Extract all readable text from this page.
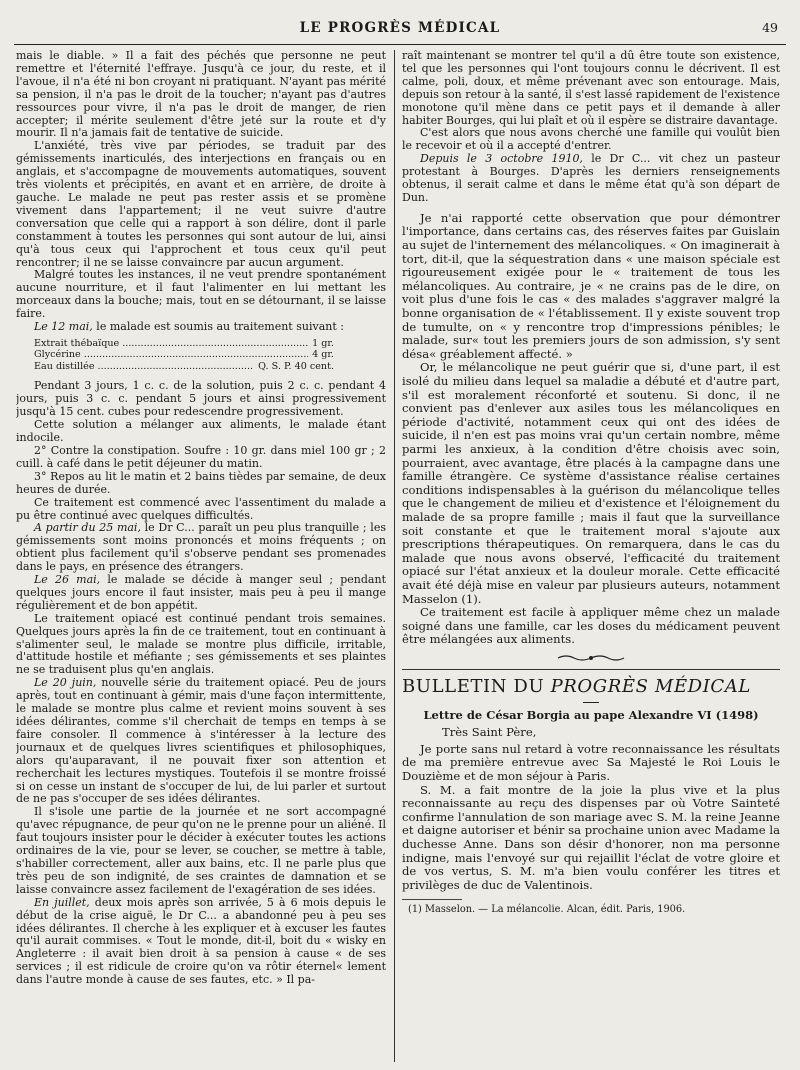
LE PROGRÈS MÉDICAL	49

mais le diable. » Il a fait des péchés que personne ne peut remettre et l'éternité l'effraye. Jusqu'à ce jour, du reste, et il l'avoue, il n'a été ni bon croyant ni pratiquant. N'ayant pas mérité sa pension, il n'a pas le droit de la toucher; n'ayant pas d'autres ressources pour vivre, il n'a pas le droit de manger, de rien accepter; il mérite seulement d'être jeté sur la route et d'y mourir. Il n'a jamais fait de tentative de suicide.

L'anxiété, très vive par périodes, se traduit par des gémissements inarticulés, des interjections en français ou en anglais, et s'accompagne de mouvements automatiques, souvent très violents et précipités, en avant et en arrière, de droite à gauche. Le malade ne peut pas rester assis et se promène vivement dans l'appartement; il ne veut suivre d'autre conversation que celle qui a rapport à son délire, dont il parle constamment à toutes les personnes qui sont autour de lui, ainsi qu'à tous ceux qui l'approchent et tous ceux qu'il peut rencontrer; il ne se laisse convaincre par aucun argument.

Malgré toutes les instances, il ne veut prendre spontanément aucune nourriture, et il faut l'alimenter en lui mettant les morceaux dans la bouche; mais, tout en se détournant, il se laisse faire.

Le 12 mai, le malade est soumis au traitement suivant :

Extrait thébaïque .....	1 gr.
Glycérine .....	4 gr.
Eau distillée .....	Q. S. P. 40 cent.

Pendant 3 jours, 1 c. c. de la solution, puis 2 c. c. pendant 4 jours, puis 3 c. c. pendant 5 jours et ainsi progressivement jusqu'à 15 cent. cubes pour redescendre progressivement.

Cette solution a mélanger aux aliments, le malade étant indocile.

2° Contre la constipation. Soufre : 10 gr. dans miel 100 gr ; 2 cuill. à café dans le petit déjeuner du matin.

3° Repos au lit le matin et 2 bains tièdes par semaine, de deux heures de durée.

Ce traitement est commencé avec l'assentiment du malade a pu être continué avec quelques difficultés.

A partir du 25 mai, le Dr C... paraît un peu plus tranquille ; les gémissements sont moins prononcés et moins fréquents ; on obtient plus facilement qu'il s'observe pendant ses promenades dans le pays, en présence des étrangers.

Le 26 mai, le malade se décide à manger seul ; pendant quelques jours encore il faut insister, mais peu à peu il mange régulièrement et de bon appétit.

Le traitement opiacé est continué pendant trois semaines. Quelques jours après la fin de ce traitement, tout en continuant à s'alimenter seul, le malade se montre plus difficile, irritable, d'attitude hostile et méfiante ; ses gémissements et ses plaintes ne se traduisent plus qu'en anglais.

Le 20 juin, nouvelle série du traitement opiacé. Peu de jours après, tout en continuant à gémir, mais d'une façon intermittente, le malade se montre plus calme et revient moins souvent à ses idées délirantes, comme s'il cherchait de temps en temps à se faire consoler. Il commence à s'intéresser à la lecture des journaux et de quelques livres scientifiques et philosophiques, alors qu'auparavant, il ne pouvait fixer son attention et recherchait les lectures mystiques. Toutefois il se montre froissé si on cesse un instant de s'occuper de lui, de lui parler et surtout de ne pas s'occuper de ses idées délirantes.

Il s'isole une partie de la journée et ne sort accompagné qu'avec répugnance, de peur qu'on ne le prenne pour un aliéné. Il faut toujours insister pour le décider à exécuter toutes les actions ordinaires de la vie, pour se lever, se coucher, se mettre à table, s'habiller correctement, aller aux bains, etc. Il ne parle plus que très peu de son indignité, de ses craintes de damnation et se laisse convaincre assez facilement de l'exagération de ses idées.

En juillet, deux mois après son arrivée, 5 à 6 mois depuis le début de la crise aiguë, le Dr C... a abandonné peu à peu ses idées délirantes. Il cherche à les expliquer et à excuser les fautes qu'il aurait commises. « Tout le monde, dit-il, boit du « wisky en Angleterre : il avait bien droit à sa pension à cause « de ses services ; il est ridicule de croire qu'on va rôtir éternel« lement dans l'autre monde à cause de ses fautes, etc. » Il pa-

raît maintenant se montrer tel qu'il a dû être toute son existence, tel que les personnes qui l'ont toujours connu le décrivent. Il est calme, poli, doux, et même prévenant avec son entourage. Mais, depuis son retour à la santé, il s'est lassé rapidement de l'existence monotone qu'il mène dans ce petit pays et il demande à aller habiter Bourges, qui lui plaît et où il espère se distraire davantage.

C'est alors que nous avons cherché une famille qui voulût bien le recevoir et où il a accepté d'entrer.

Depuis le 3 octobre 1910, le Dr C... vit chez un pasteur protestant à Bourges. D'après les derniers renseignements obtenus, il serait calme et dans le même état qu'à son départ de Dun.

Je n'ai rapporté cette observation que pour démontrer l'importance, dans certains cas, des réserves faites par Guislain au sujet de l'internement des mélancoliques. « On imaginerait à tort, dit-il, que la séquestration dans « une maison spéciale est rigoureusement exigée pour le « traitement de tous les mélancoliques. Au contraire, je « ne crains pas de le dire, on voit plus d'une fois le cas « des malades s'aggraver malgré la bonne organisation de « l'établissement. Il y existe souvent trop de tumulte, on « y rencontre trop d'impressions pénibles; le malade, sur« tout les premiers jours de son admission, s'y sent désa« gréablement affecté. »

Or, le mélancolique ne peut guérir que si, d'une part, il est isolé du milieu dans lequel sa maladie a débuté et d'autre part, s'il est moralement réconforté et soutenu. Si donc, il ne convient pas d'enlever aux asiles tous les mélancoliques en période d'activité, notamment ceux qui ont des idées de suicide, il n'en est pas moins vrai qu'un certain nombre, même parmi les anxieux, à la condition d'être choisis avec soin, pourraient, avec avantage, être placés à la campagne dans une famille étrangère. Ce système d'assistance réalise certaines conditions indispensables à la guérison du mélancolique telles que le changement de milieu et d'existence et l'éloignement du malade de sa propre famille ; mais il faut que la surveillance soit constante et que le traitement moral s'ajoute aux prescriptions thérapeutiques. On remarquera, dans le cas du malade que nous avons observé, l'efficacité du traitement opiacé sur l'état anxieux et la douleur morale. Cette efficacité avait été déjà mise en valeur par plusieurs auteurs, notamment Masselon (1).

Ce traitement est facile à appliquer même chez un malade soigné dans une famille, car les doses du médicament peuvent être mélangées aux aliments.

BULLETIN DU PROGRÈS MÉDICAL
Lettre de César Borgia au pape Alexandre VI (1498)
Très Saint Père,

Je porte sans nul retard à votre reconnaissance les résultats de ma première entrevue avec Sa Majesté le Roi Louis le Douzième et de mon séjour à Paris.

S. M. a fait montre de la joie la plus vive et la plus reconnaissante au reçu des dispenses par où Votre Sainteté confirme l'annulation de son mariage avec S. M. la reine Jeanne et daigne autoriser et bénir sa prochaine union avec Madame la duchesse Anne. Dans son désir d'honorer, non ma personne indigne, mais l'envoyé sur qui rejaillit l'éclat de votre gloire et de vos vertus, S. M. m'a bien voulu conférer les titres et privilèges de duc de Valentinois.

(1) Masselon. — La mélancolie. Alcan, édit. Paris, 1906.
